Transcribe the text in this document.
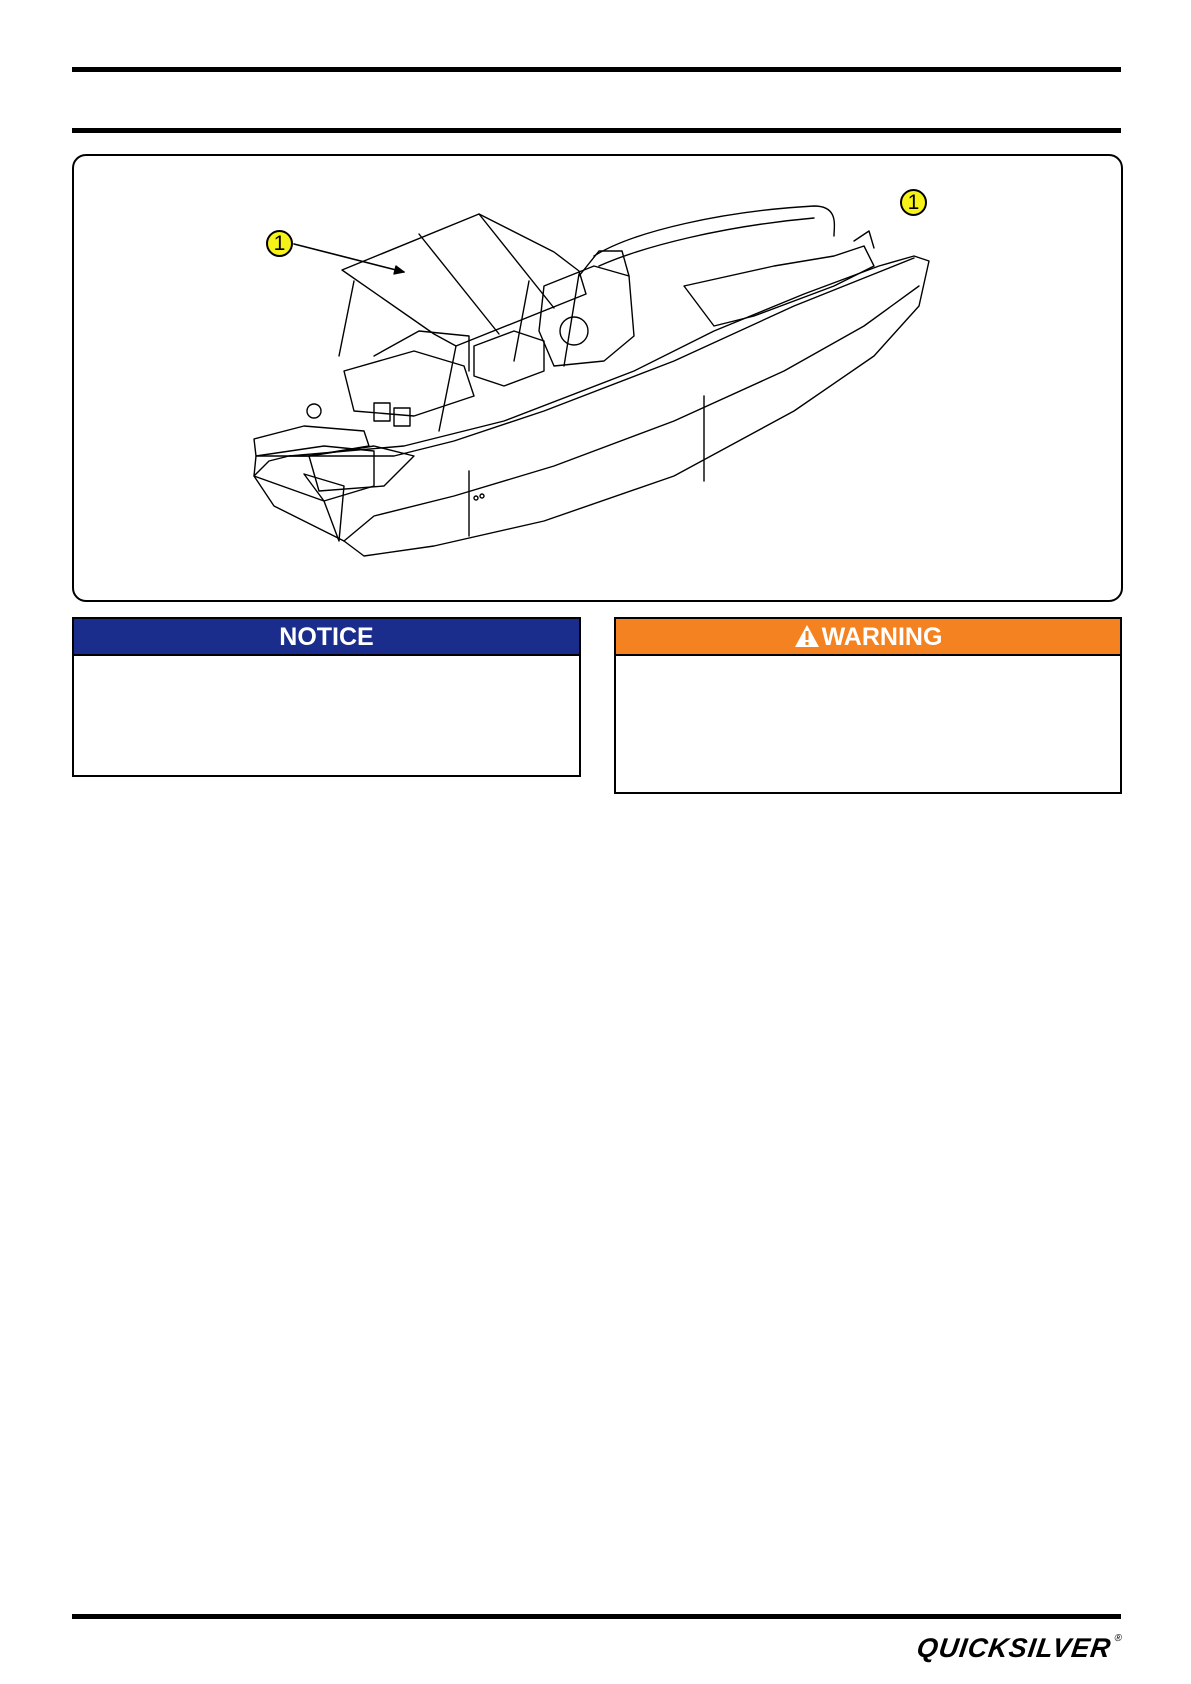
1
1
NOTICE	WARNING
QUICKSILVER®
